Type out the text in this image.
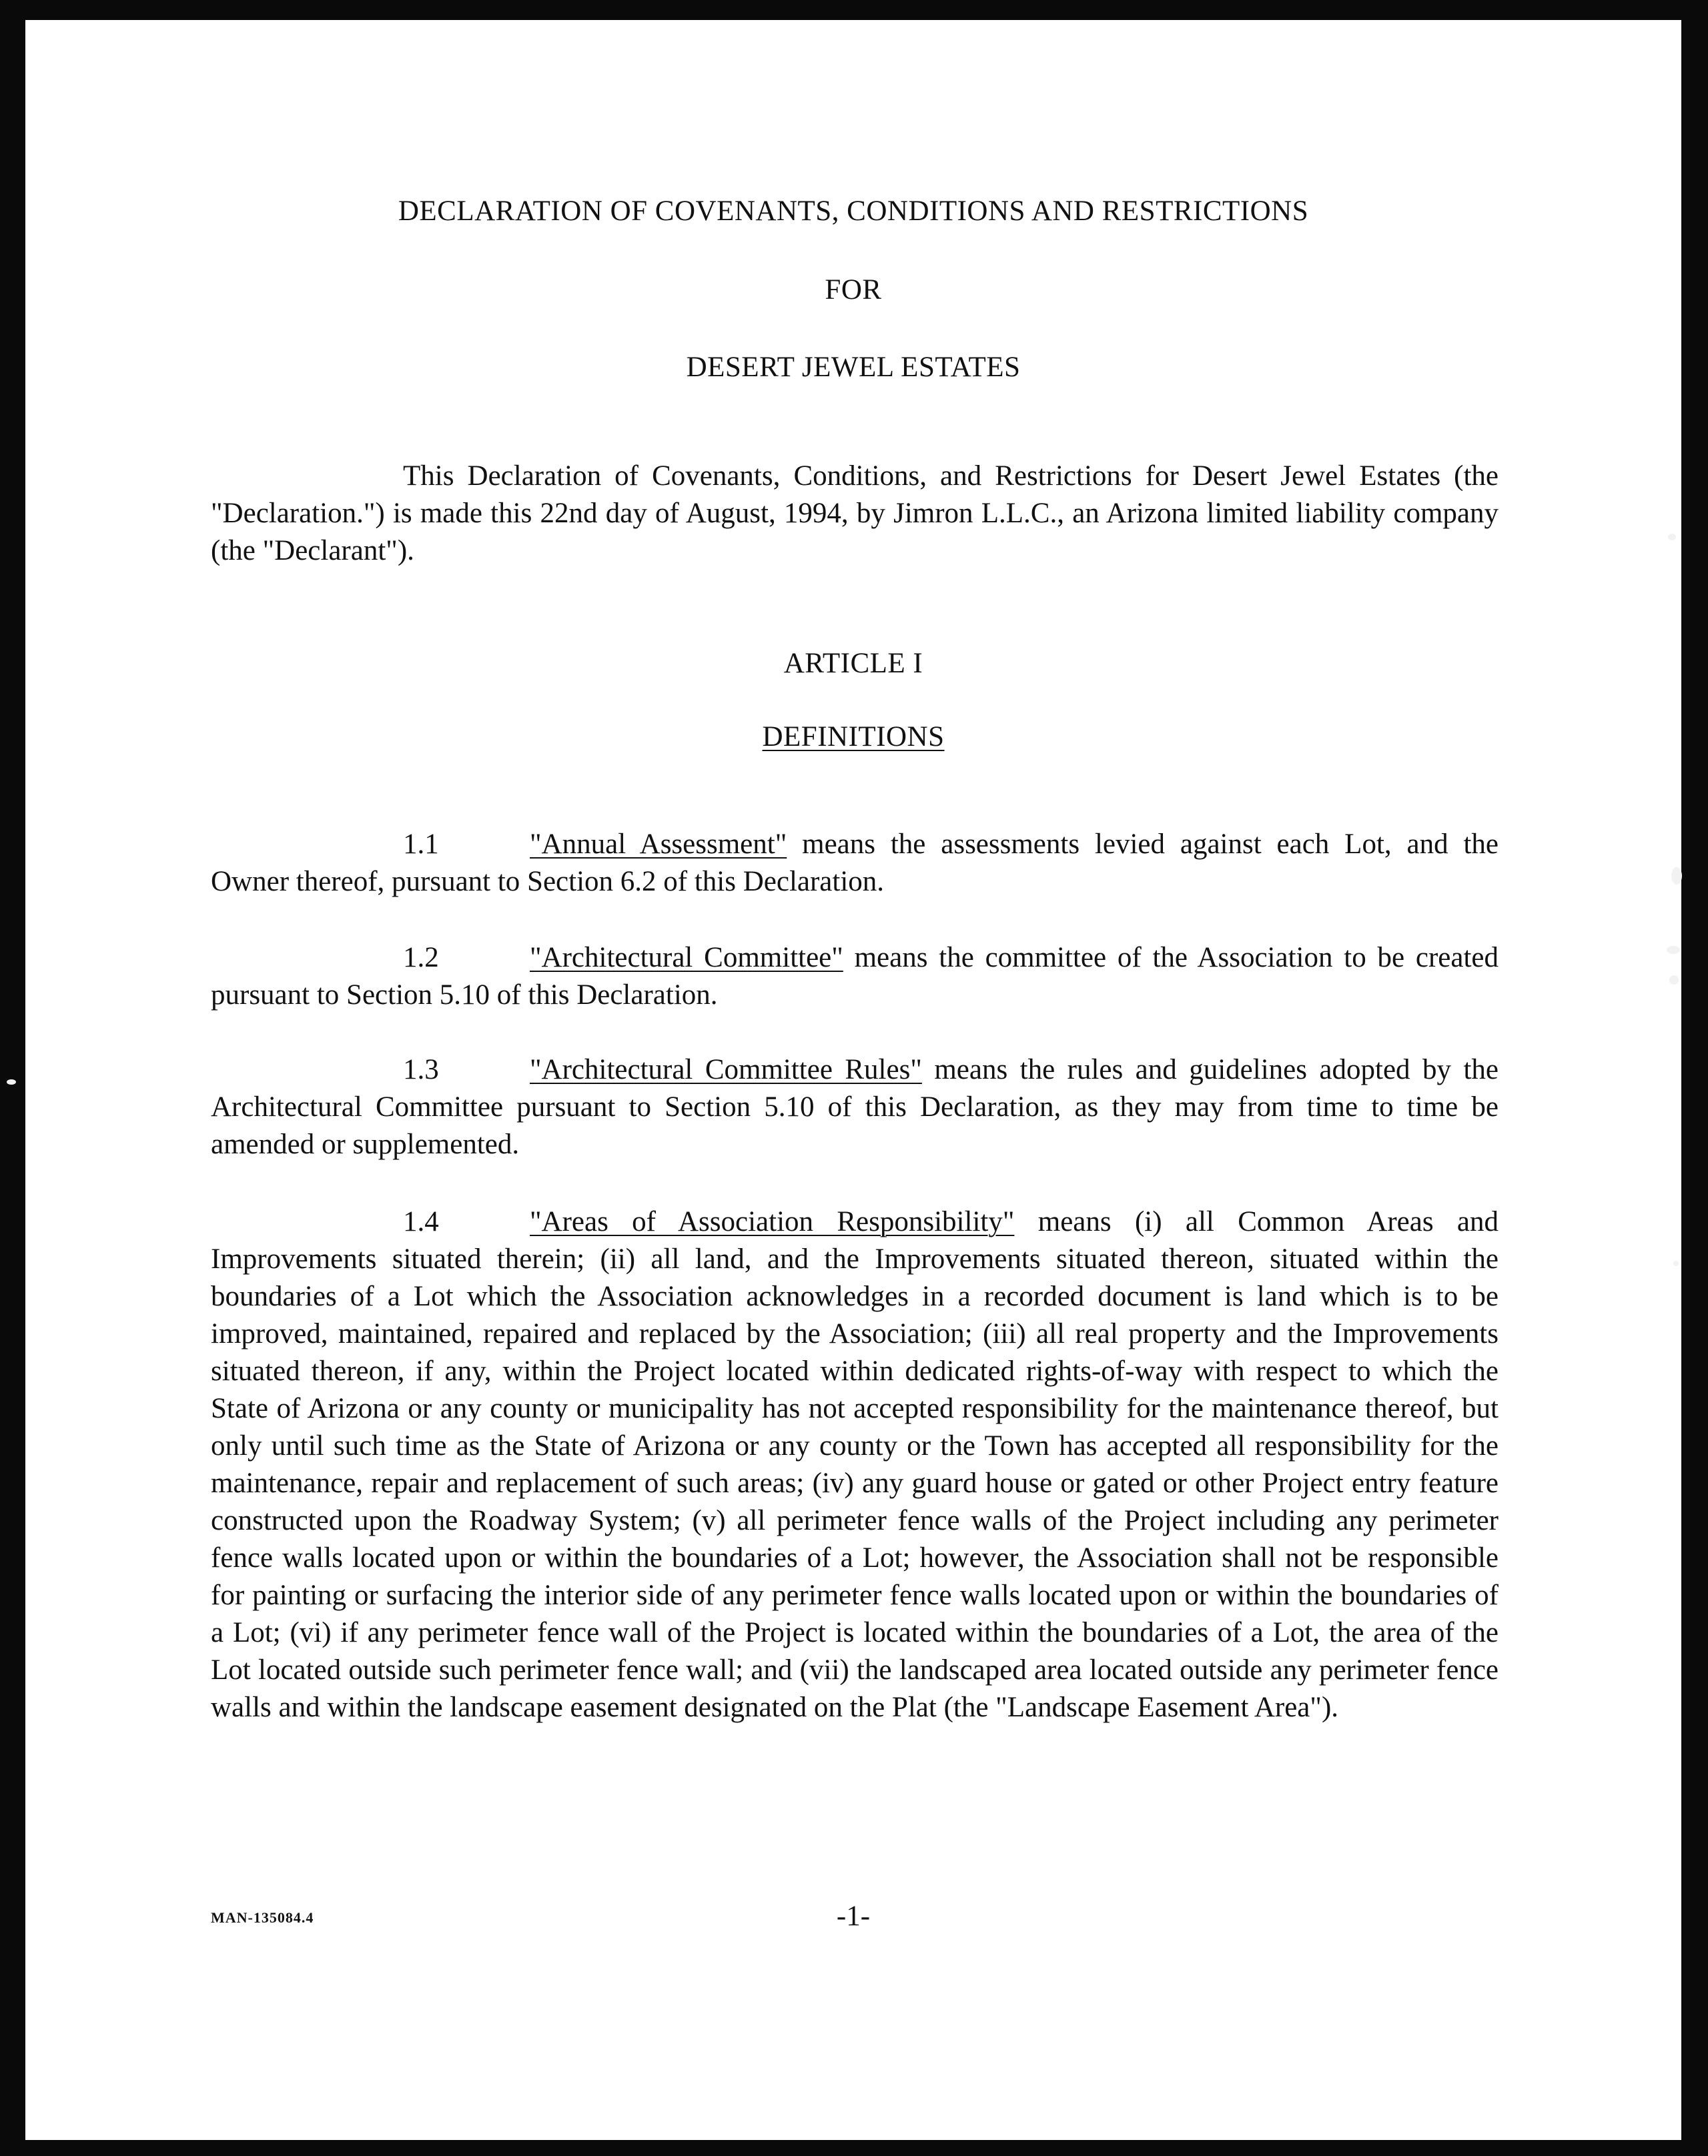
DECLARATION OF COVENANTS, CONDITIONS AND RESTRICTIONS
FOR
DESERT JEWEL ESTATES

This Declaration of Covenants, Conditions, and Restrictions for Desert Jewel Estates (the "Declaration.") is made this 22nd day of August, 1994, by Jimron L.L.C., an Arizona limited liability company (the "Declarant").

ARTICLE I
DEFINITIONS

1.1	"Annual Assessment" means the assessments levied against each Lot, and the Owner thereof, pursuant to Section 6.2 of this Declaration.

1.2	"Architectural Committee" means the committee of the Association to be created pursuant to Section 5.10 of this Declaration.

1.3	"Architectural Committee Rules" means the rules and guidelines adopted by the Architectural Committee pursuant to Section 5.10 of this Declaration, as they may from time to time be amended or supplemented.

1.4	"Areas of Association Responsibility" means (i) all Common Areas and Improvements situated therein; (ii) all land, and the Improvements situated thereon, situated within the boundaries of a Lot which the Association acknowledges in a recorded document is land which is to be improved, maintained, repaired and replaced by the Association; (iii) all real property and the Improvements situated thereon, if any, within the Project located within dedicated rights-of-way with respect to which the State of Arizona or any county or municipality has not accepted responsibility for the maintenance thereof, but only until such time as the State of Arizona or any county or the Town has accepted all responsibility for the maintenance, repair and replacement of such areas; (iv) any guard house or gated or other Project entry feature constructed upon the Roadway System; (v) all perimeter fence walls of the Project including any perimeter fence walls located upon or within the boundaries of a Lot; however, the Association shall not be responsible for painting or surfacing the interior side of any perimeter fence walls located upon or within the boundaries of a Lot; (vi) if any perimeter fence wall of the Project is located within the boundaries of a Lot, the area of the Lot located outside such perimeter fence wall; and (vii) the landscaped area located outside any perimeter fence walls and within the landscape easement designated on the Plat (the "Landscape Easement Area").

MAN-135084.4	-1-
